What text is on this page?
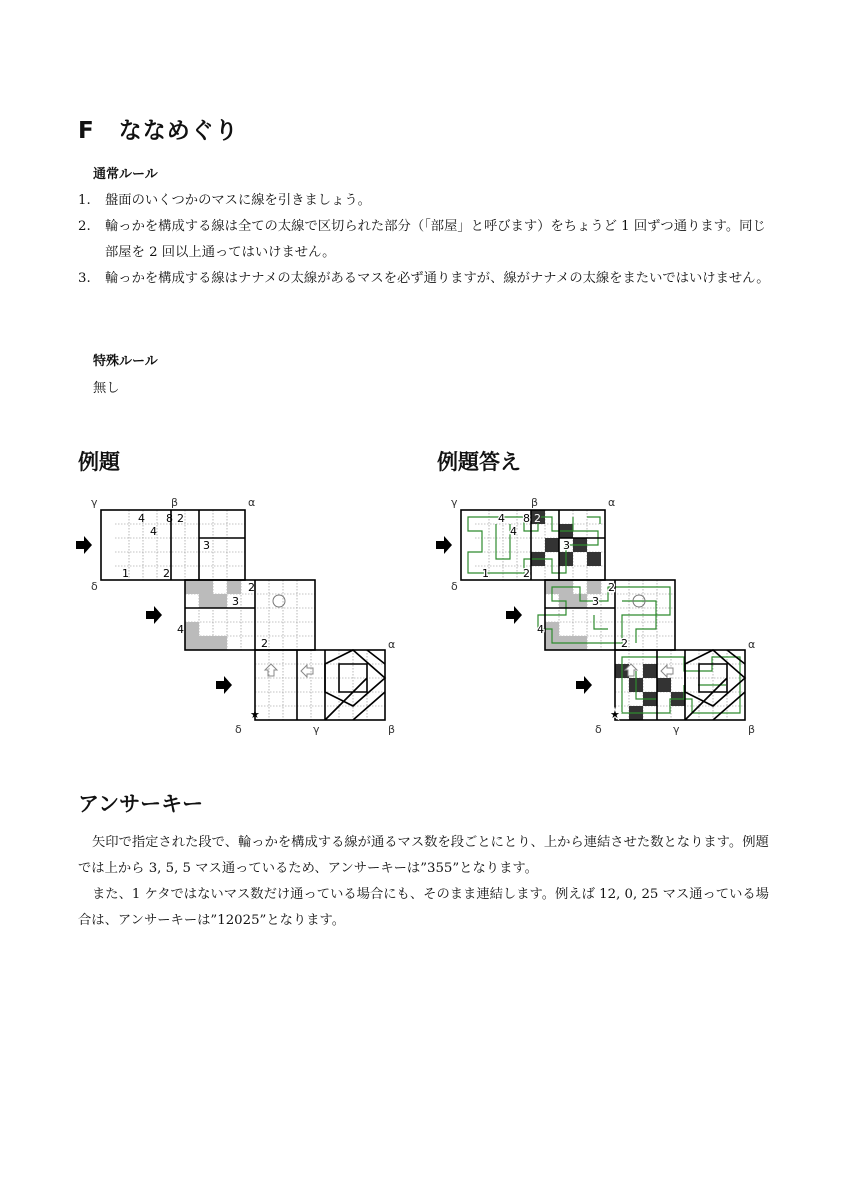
F　ななめぐり
通常ルール
1.	盤面のいくつかのマスに線を引きましょう。
2.	輪っかを構成する線は全ての太線で区切られた部分（「部屋」と呼びます）をちょうど 1 回ずつ通ります。同じ部屋を 2 回以上通ってはいけません。
3.	輪っかを構成する線はナナメの太線があるマスを必ず通りますが、線がナナメの太線をまたいではいけません。
特殊ルール
無し
例題	例題答え
★
4 8 2
4
3
1	2
2
3
4
2
γ	β	α
δ
α
δ	γ	β
★
4 8 2
4
3
1	2
2
3
4
2
γ	β	α
δ
α
δ	γ	β
アンサーキー

矢印で指定された段で、輪っかを構成する線が通るマス数を段ごとにとり、上から連結させた数となります。例題では上から 3, 5, 5 マス通っているため、アンサーキーは”355”となります。

また、1 ケタではないマス数だけ通っている場合にも、そのまま連結します。例えば 12, 0, 25 マス通っている場合は、アンサーキーは”12025”となります。
